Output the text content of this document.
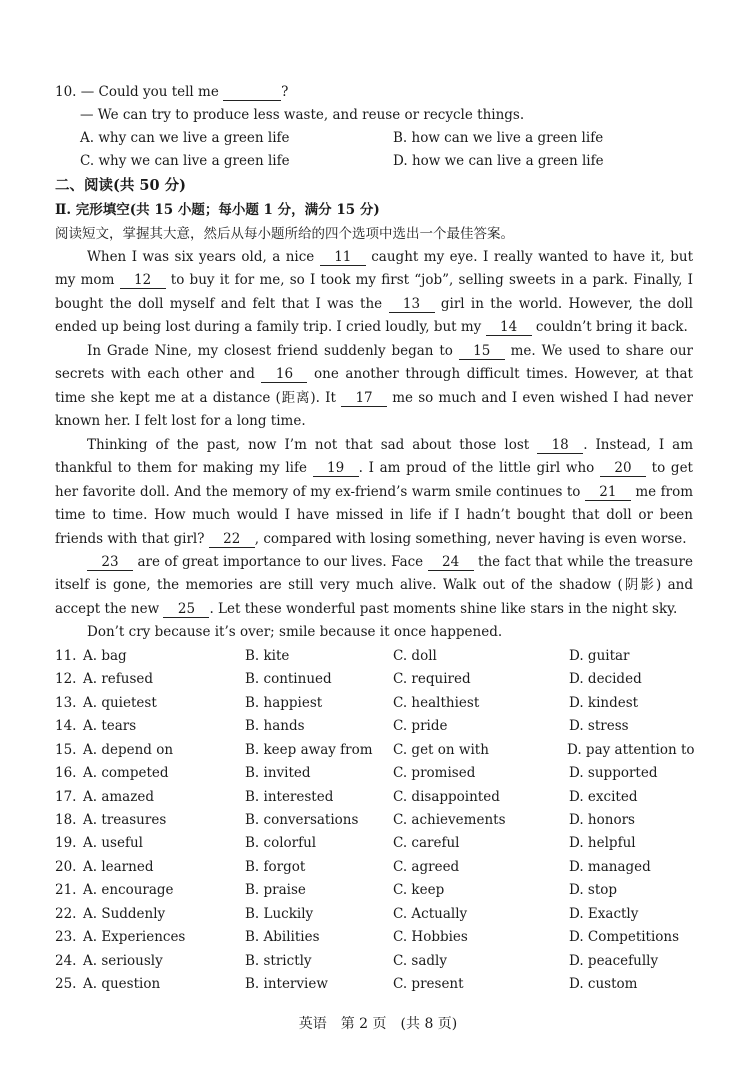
10. — Could you tell me	?
— We can try to produce less waste, and reuse or recycle things.
A. why can we live a green life	B. how can we live a green life
C. why we can live a green life	D. how we can live a green life
二、阅读(共 50 分)
Ⅱ. 完形填空(共 15 小题；每小题 1 分，满分 15 分)
阅读短文，掌握其大意，然后从每小题所给的四个选项中选出一个最佳答案。
When I was six years old, a nice 11 caught my eye. I really wanted to have it, but my mom 12 to buy it for me, so I took my first “job”, selling sweets in a park. Finally, I bought the doll myself and felt that I was the 13 girl in the world. However, the doll ended up being lost during a family trip. I cried loudly, but my 14 couldn’t bring it back.
In Grade Nine, my closest friend suddenly began to 15 me. We used to share our secrets with each other and 16 one another through difficult times. However, at that time she kept me at a distance (距离). It 17 me so much and I even wished I had never known her. I felt lost for a long time.
Thinking of the past, now I’m not that sad about those lost 18 . Instead, I am thankful to them for making my life 19 . I am proud of the little girl who 20 to get her favorite doll. And the memory of my ex-friend’s warm smile continues to 21 me from time to time. How much would I have missed in life if I hadn’t bought that doll or been friends with that girl? 22 , compared with losing something, never having is even worse.
23 are of great importance to our lives. Face 24 the fact that while the treasure itself is gone, the memories are still very much alive. Walk out of the shadow (阴影) and accept the new 25 . Let these wonderful past moments shine like stars in the night sky.
Don’t cry because it’s over; smile because it once happened.
11. A. bag	B. kite	C. doll	D. guitar
12. A. refused	B. continued	C. required	D. decided
13. A. quietest	B. happiest	C. healthiest	D. kindest
14. A. tears	B. hands	C. pride	D. stress
15. A. depend on	B. keep away from C. get on with	D. pay attention to
16. A. competed	B. invited	C. promised	D. supported
17. A. amazed	B. interested	C. disappointed	D. excited
18. A. treasures	B. conversations	C. achievements	D. honors
19. A. useful	B. colorful	C. careful	D. helpful
20. A. learned	B. forgot	C. agreed	D. managed
21. A. encourage	B. praise	C. keep	D. stop
22. A. Suddenly	B. Luckily	C. Actually	D. Exactly
23. A. Experiences	B. Abilities	C. Hobbies	D. Competitions
24. A. seriously	B. strictly	C. sadly	D. peacefully
25. A. question	B. interview	C. present	D. custom
英语　第 2 页　(共 8 页)
